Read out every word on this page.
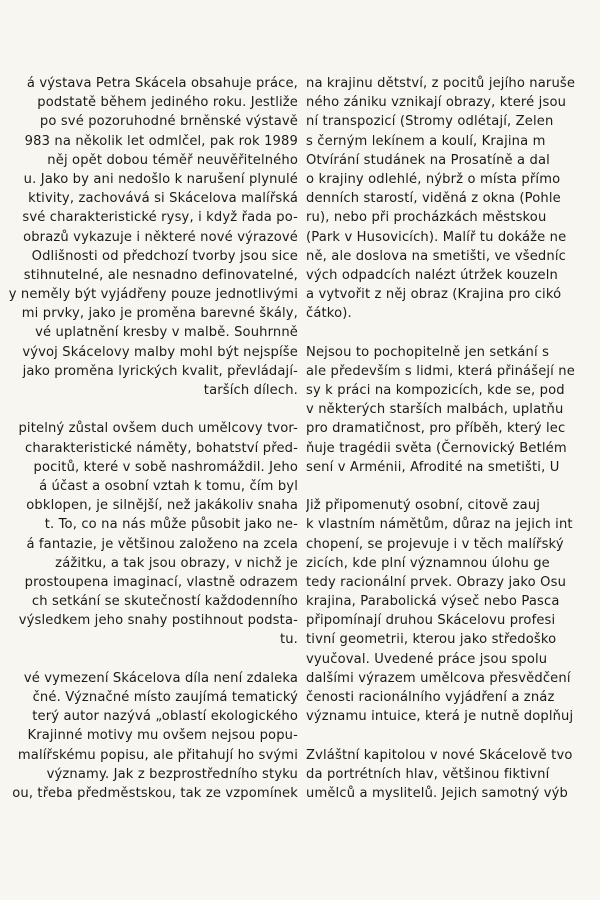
á výstava Petra Skácela obsahuje práce,
podstatě během jediného roku. Jestliže
po své pozoruhodné brněnské výstavě
983 na několik let odmlčel, pak rok 1989
něj opět dobou téměř neuvěřitelného
u. Jako by ani nedošlo k narušení plynulé
ktivity, zachovává si Skácelova malířská
své charakteristické rysy, i když řada po-
obrazů vykazuje i některé nové výrazové
Odlišnosti od předchozí tvorby jsou sice
stihnutelné, ale nesnadno definovatelné,
y neměly být vyjádřeny pouze jednotlivými
mi prvky, jako je proměna barevné škály,
vé uplatnění kresby v malbě. Souhrnně
vývoj Skácelovy malby mohl být nejspíše
jako proměna lyrických kvalit, převládají-
tarších dílech.
pitelný zůstal ovšem duch umělcovy tvor-
charakteristické náměty, bohatství před-
pocitů, které v sobě nashromáždil. Jeho
á účast a osobní vztah k tomu, čím byl
obklopen, je silnější, než jakákoliv snaha
t. To, co na nás může působit jako ne-
á fantazie, je většinou založeno na zcela
zážitku, a tak jsou obrazy, v nichž je
prostoupena imaginací, vlastně odrazem
ch setkání se skutečností každodenního
výsledkem jeho snahy postihnout podsta-
tu.
vé vymezení Skácelova díla není zdaleka
čné. Význačné místo zaujímá tematický
terý autor nazývá „oblastí ekologického
Krajinné motivy mu ovšem nejsou popu-
malířskému popisu, ale přitahují ho svými
významy. Jak z bezprostředního styku
ou, třeba předměstskou, tak ze vzpomínek
na krajinu dětství, z pocitů jejího naruše
ného zániku vznikají obrazy, které jsou
ní transpozicí (Stromy odlétají, Zelen
s černým lekínem a koulí, Krajina m
Otvírání studánek na Prosatíně a dal
o krajiny odlehlé, nýbrž o místa přímo
denních starostí, viděná z okna (Pohle
ru), nebo při procházkách městskou
(Park v Husovicích). Malíř tu dokáže ne
ně, ale doslova na smetišti, ve všedníc
vých odpadcích nalézt útržek kouzeln
a vytvořit z něj obraz (Krajina pro cikó
čátko).
Nejsou to pochopitelně jen setkání s
ale především s lidmi, která přinášejí ne
sy k práci na kompozicích, kde se, pod
v některých starších malbách, uplatňu
pro dramatičnost, pro příběh, který lec
ňuje tragédii světa (Černovický Betlém
sení v Arménii, Afrodité na smetišti, U
Již připomenutý osobní, citově zauj
k vlastním námětům, důraz na jejich int
chopení, se projevuje i v těch malířský
zicích, kde plní významnou úlohu ge
tedy racionální prvek. Obrazy jako Osu
krajina, Parabolická výseč nebo Pasca
připomínají druhou Skácelovu profesi
tivní geometrii, kterou jako středoško
vyučoval. Uvedené práce jsou spolu
dalšími výrazem umělcova přesvědčení
čenosti racionálního vyjádření a znáz
významu intuice, která je nutně doplňuj
Zvláštní kapitolou v nové Skácelově tvo
da portrétních hlav, většinou fiktivní
umělců a myslitelů. Jejich samotný výb
